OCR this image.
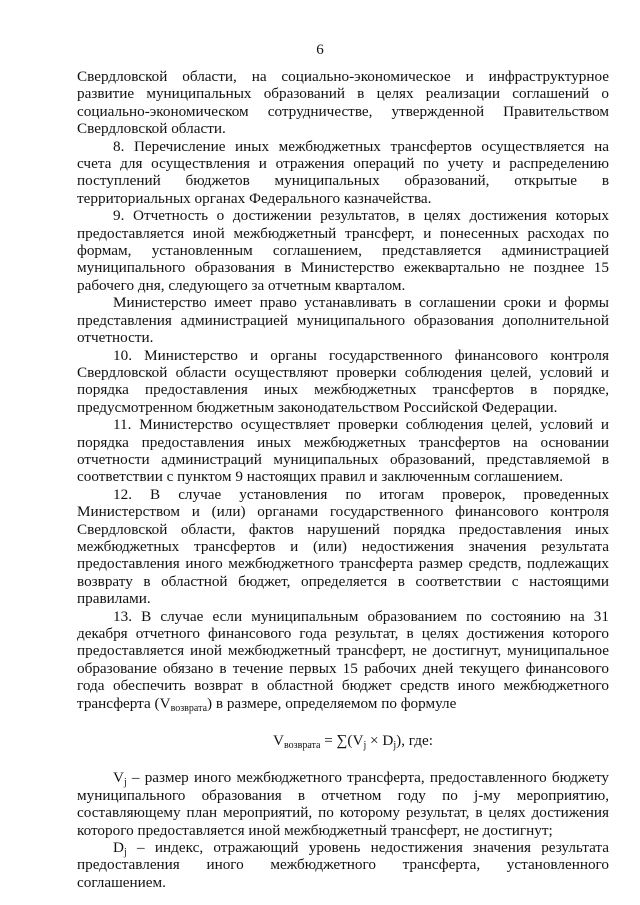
6

Свердловской области, на социально-экономическое и инфраструктурное развитие муниципальных образований в целях реализации соглашений о социально-экономическом сотрудничестве, утвержденной Правительством Свердловской области.

8. Перечисление иных межбюджетных трансфертов осуществляется на счета для осуществления и отражения операций по учету и распределению поступлений бюджетов муниципальных образований, открытые в территориальных органах Федерального казначейства.

9. Отчетность о достижении результатов, в целях достижения которых предоставляется иной межбюджетный трансферт, и понесенных расходах по формам, установленным соглашением, представляется администрацией муниципального образования в Министерство ежеквартально не позднее 15 рабочего дня, следующего за отчетным кварталом.

Министерство имеет право устанавливать в соглашении сроки и формы представления администрацией муниципального образования дополнительной отчетности.

10. Министерство и органы государственного финансового контроля Свердловской области осуществляют проверки соблюдения целей, условий и порядка предоставления иных межбюджетных трансфертов в порядке, предусмотренном бюджетным законодательством Российской Федерации.

11. Министерство осуществляет проверки соблюдения целей, условий и порядка предоставления иных межбюджетных трансфертов на основании отчетности администраций муниципальных образований, представляемой в соответствии с пунктом 9 настоящих правил и заключенным соглашением.

12. В случае установления по итогам проверок, проведенных Министерством и (или) органами государственного финансового контроля Свердловской области, фактов нарушений порядка предоставления иных межбюджетных трансфертов и (или) недостижения значения результата предоставления иного межбюджетного трансферта размер средств, подлежащих возврату в областной бюджет, определяется в соответствии с настоящими правилами.

13. В случае если муниципальным образованием по состоянию на 31 декабря отчетного финансового года результат, в целях достижения которого предоставляется иной межбюджетный трансферт, не достигнут, муниципальное образование обязано в течение первых 15 рабочих дней текущего финансового года обеспечить возврат в областной бюджет средств иного межбюджетного трансферта $(V_{возврата})$ в размере, определяемом по формуле

$V_{возврата} = \sum(V_j \times D_j)$, где:

$V_j$ – размер иного межбюджетного трансферта, предоставленного бюджету муниципального образования в отчетном году по j-му мероприятию, составляющему план мероприятий, по которому результат, в целях достижения которого предоставляется иной межбюджетный трансферт, не достигнут;

$D_j$ – индекс, отражающий уровень недостижения значения результата предоставления иного межбюджетного трансферта, установленного соглашением.
